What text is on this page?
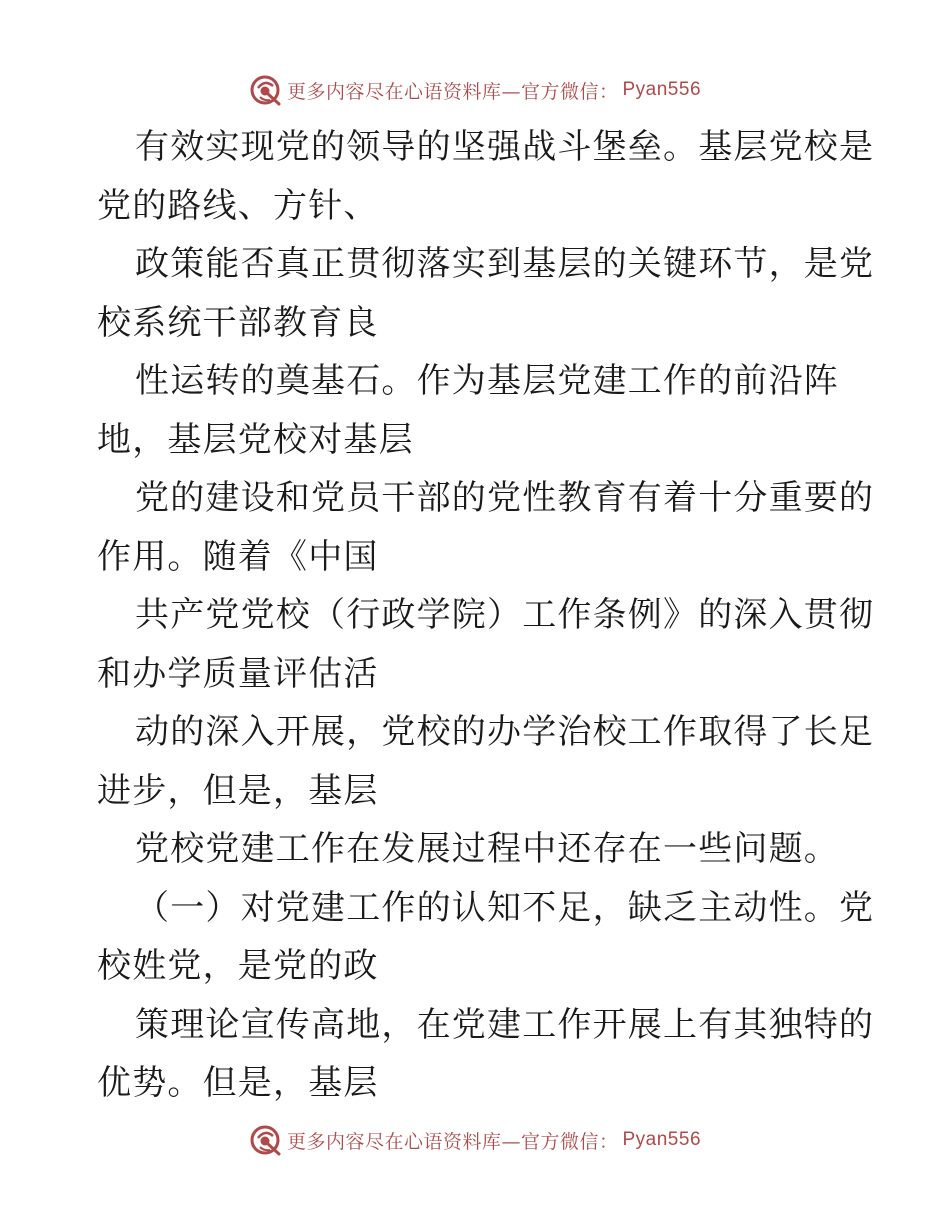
更多内容尽在心语资料库—官方微信： Pyan556
有效实现党的领导的坚强战斗堡垒。基层党校是
党的路线、方针、
政策能否真正贯彻落实到基层的关键环节，是党
校系统干部教育良
性运转的奠基石。作为基层党建工作的前沿阵
地，基层党校对基层
党的建设和党员干部的党性教育有着十分重要的
作用。随着《中国
共产党党校（行政学院）工作条例》的深入贯彻
和办学质量评估活
动的深入开展，党校的办学治校工作取得了长足
进步，但是，基层
党校党建工作在发展过程中还存在一些问题。
（一）对党建工作的认知不足，缺乏主动性。党
校姓党，是党的政
策理论宣传高地，在党建工作开展上有其独特的
优势。但是，基层
更多内容尽在心语资料库—官方微信： Pyan556
